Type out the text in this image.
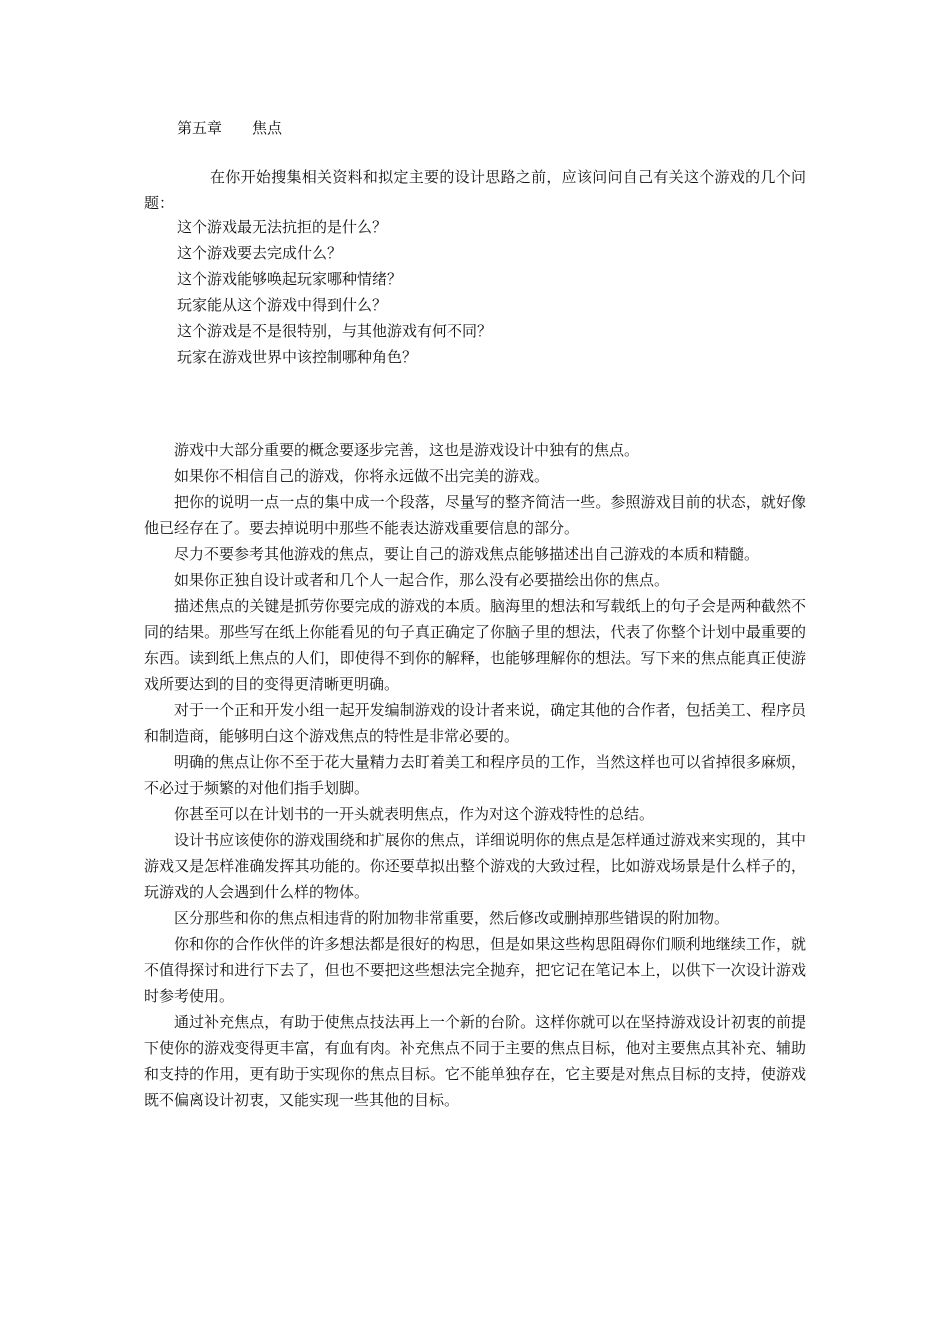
第五章　　焦点

在你开始搜集相关资料和拟定主要的设计思路之前，应该问问自己有关这个游戏的几个问题：

这个游戏最无法抗拒的是什么？

这个游戏要去完成什么？

这个游戏能够唤起玩家哪种情绪？

玩家能从这个游戏中得到什么？

这个游戏是不是很特别，与其他游戏有何不同？

玩家在游戏世界中该控制哪种角色？

游戏中大部分重要的概念要逐步完善，这也是游戏设计中独有的焦点。

如果你不相信自己的游戏，你将永远做不出完美的游戏。

把你的说明一点一点的集中成一个段落，尽量写的整齐简洁一些。参照游戏目前的状态，就好像他已经存在了。要去掉说明中那些不能表达游戏重要信息的部分。

尽力不要参考其他游戏的焦点，要让自己的游戏焦点能够描述出自己游戏的本质和精髓。

如果你正独自设计或者和几个人一起合作，那么没有必要描绘出你的焦点。

描述焦点的关键是抓劳你要完成的游戏的本质。脑海里的想法和写载纸上的句子会是两种截然不同的结果。那些写在纸上你能看见的句子真正确定了你脑子里的想法，代表了你整个计划中最重要的东西。读到纸上焦点的人们，即使得不到你的解释，也能够理解你的想法。写下来的焦点能真正使游戏所要达到的目的变得更清晰更明确。

对于一个正和开发小组一起开发编制游戏的设计者来说，确定其他的合作者，包括美工、程序员和制造商，能够明白这个游戏焦点的特性是非常必要的。

明确的焦点让你不至于花大量精力去盯着美工和程序员的工作，当然这样也可以省掉很多麻烦，不必过于频繁的对他们指手划脚。

你甚至可以在计划书的一开头就表明焦点，作为对这个游戏特性的总结。

设计书应该使你的游戏围绕和扩展你的焦点，详细说明你的焦点是怎样通过游戏来实现的，其中游戏又是怎样准确发挥其功能的。你还要草拟出整个游戏的大致过程，比如游戏场景是什么样子的，玩游戏的人会遇到什么样的物体。

区分那些和你的焦点相违背的附加物非常重要，然后修改或删掉那些错误的附加物。

你和你的合作伙伴的许多想法都是很好的构思，但是如果这些构思阻碍你们顺利地继续工作，就不值得探讨和进行下去了，但也不要把这些想法完全抛弃，把它记在笔记本上，以供下一次设计游戏时参考使用。

通过补充焦点，有助于使焦点技法再上一个新的台阶。这样你就可以在坚持游戏设计初衷的前提下使你的游戏变得更丰富，有血有肉。补充焦点不同于主要的焦点目标，他对主要焦点其补充、辅助和支持的作用，更有助于实现你的焦点目标。它不能单独存在，它主要是对焦点目标的支持，使游戏既不偏离设计初衷，又能实现一些其他的目标。
